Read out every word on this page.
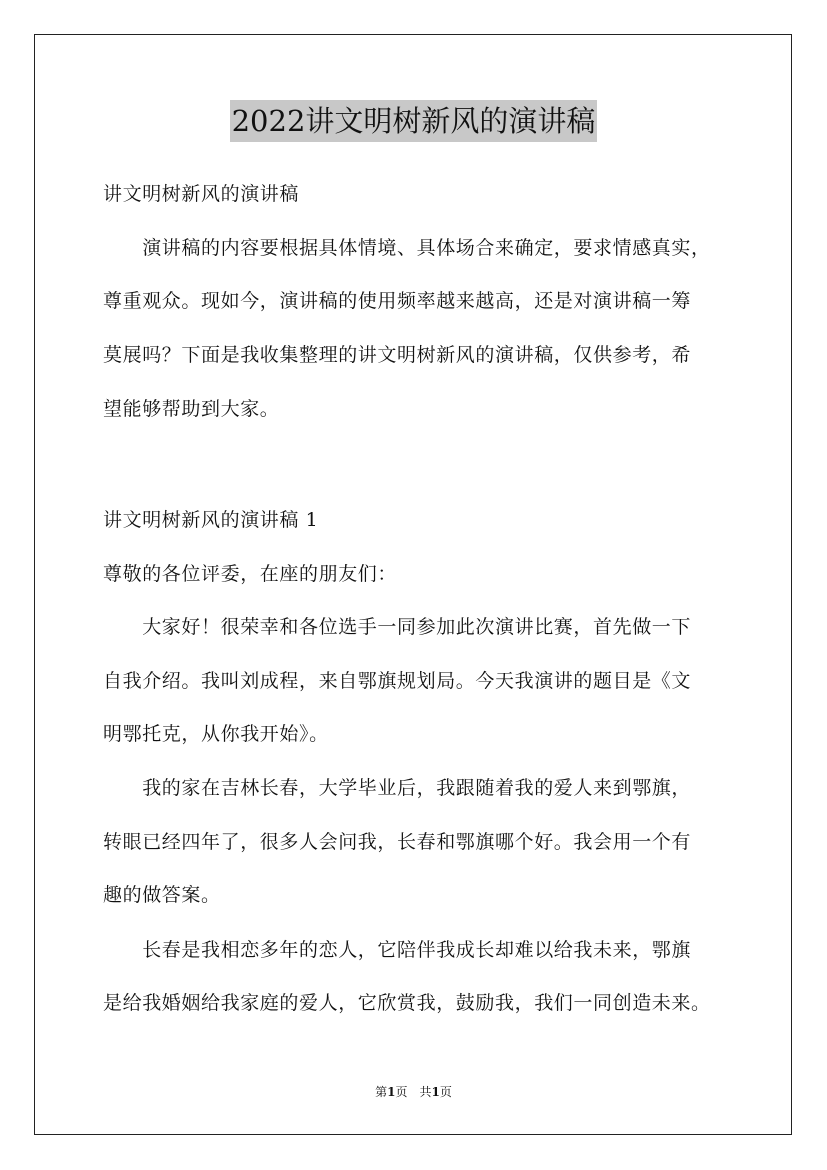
2022讲文明树新风的演讲稿
讲文明树新风的演讲稿
　　演讲稿的内容要根据具体情境、具体场合来确定，要求情感真实，
尊重观众。现如今，演讲稿的使用频率越来越高，还是对演讲稿一筹
莫展吗？下面是我收集整理的讲文明树新风的演讲稿，仅供参考，希
望能够帮助到大家。
讲文明树新风的演讲稿 1
尊敬的各位评委，在座的朋友们：
　　大家好！很荣幸和各位选手一同参加此次演讲比赛，首先做一下
自我介绍。我叫刘成程，来自鄂旗规划局。今天我演讲的题目是《文
明鄂托克，从你我开始》。
　　我的家在吉林长春，大学毕业后，我跟随着我的爱人来到鄂旗，
转眼已经四年了，很多人会问我，长春和鄂旗哪个好。我会用一个有
趣的做答案。
　　长春是我相恋多年的恋人，它陪伴我成长却难以给我未来，鄂旗
是给我婚姻给我家庭的爱人，它欣赏我，鼓励我，我们一同创造未来。
第1页　共1页
